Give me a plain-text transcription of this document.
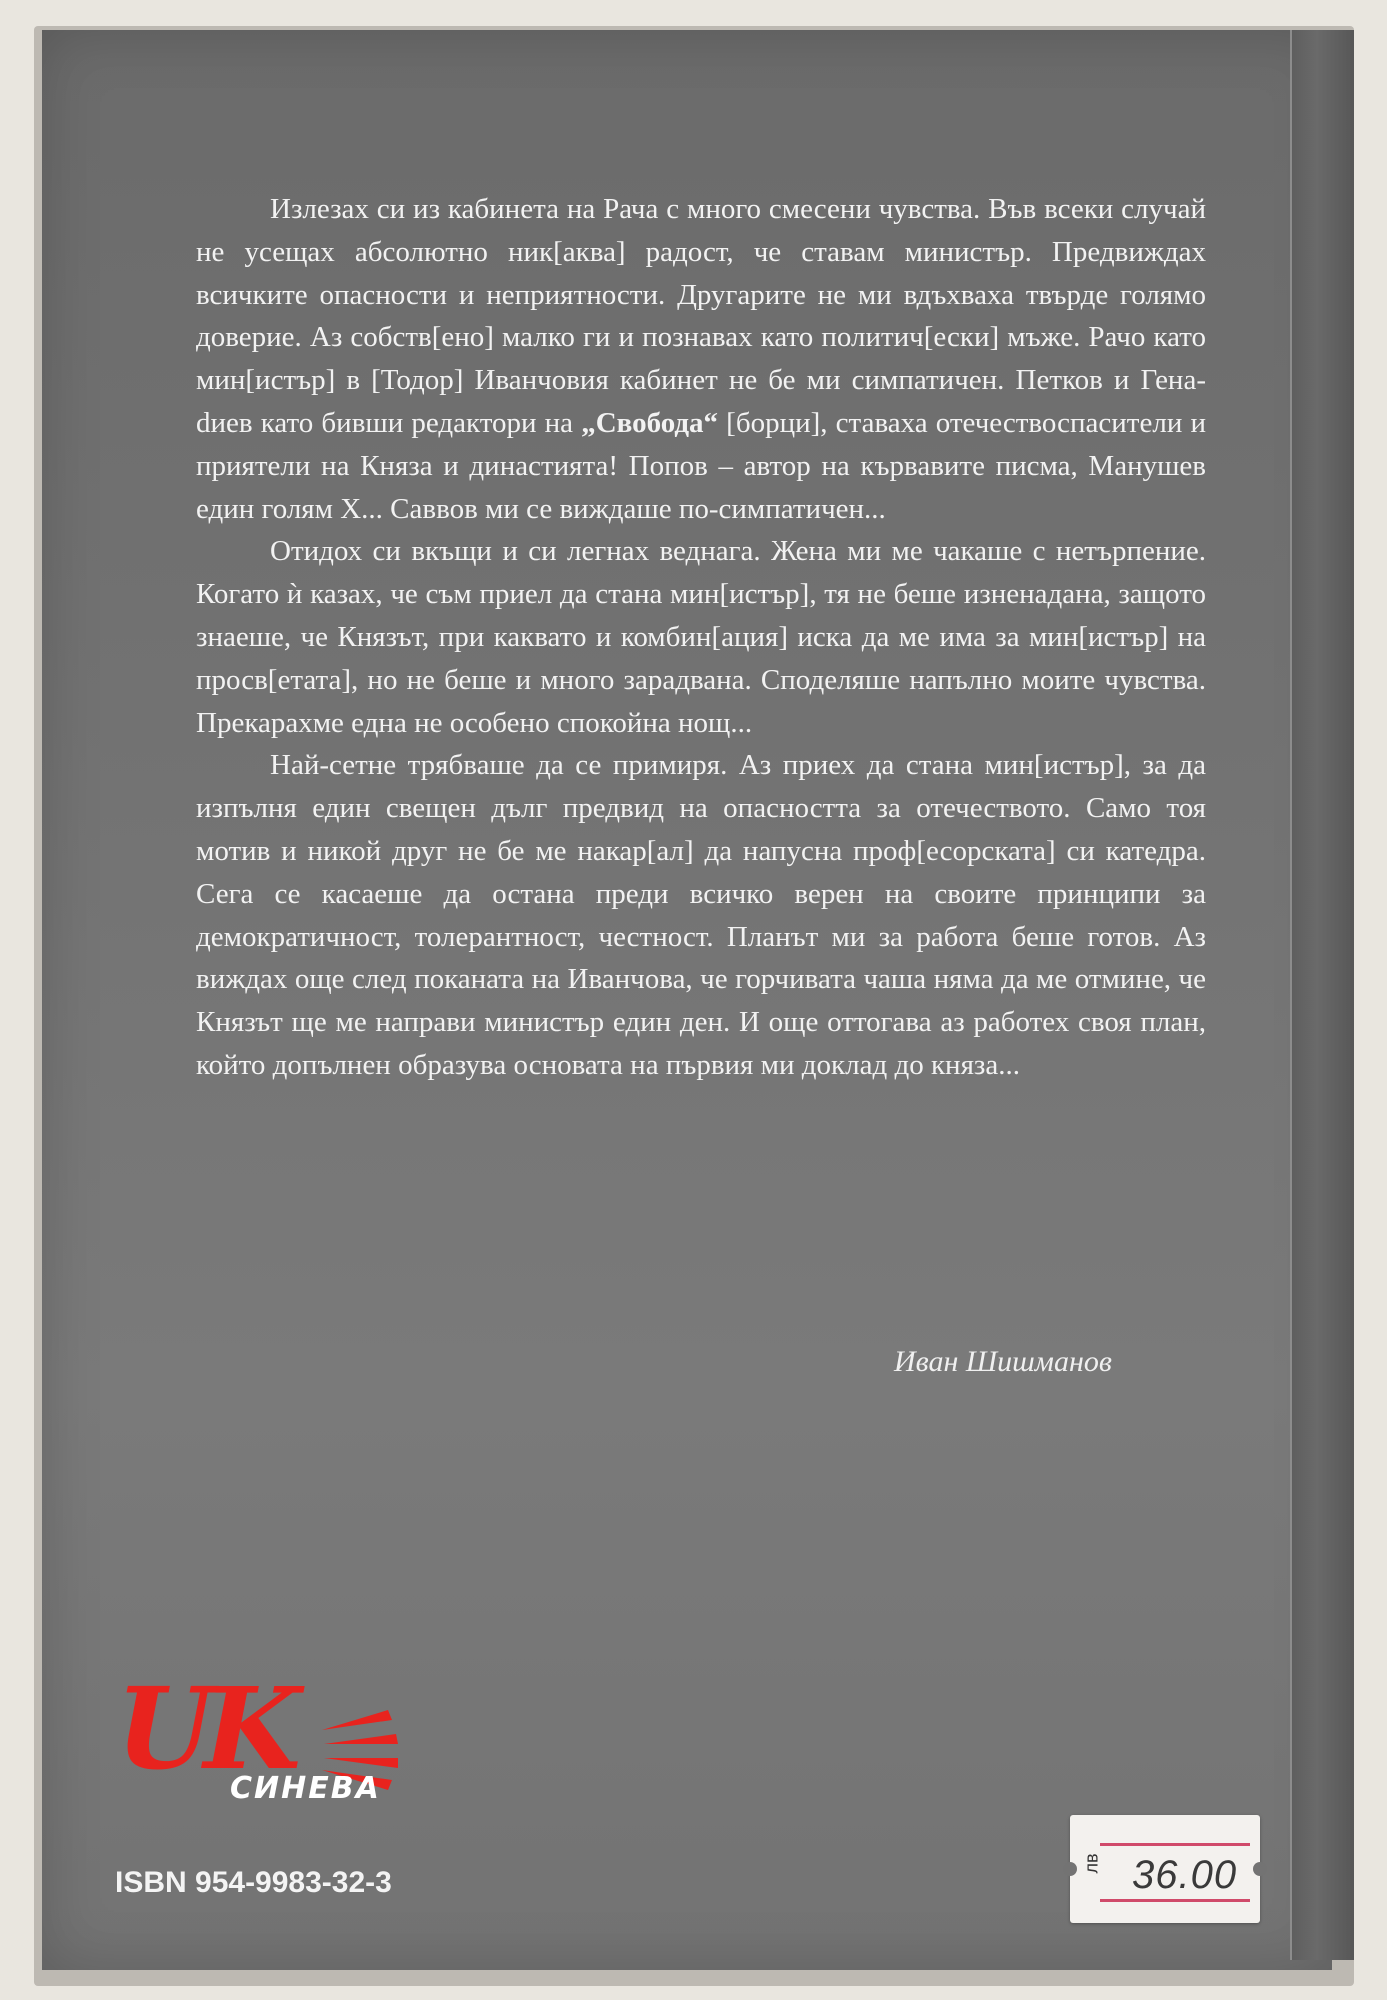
Излезах си из кабинета на Рача с много смесени чувства. Във всеки случай не усещах абсолютно ник[аква] радост, че ставам министър. Предвиждах всичките опасности и неприятности. Другарите не ми вдъхваха твърде голямо доверие. Аз собств[ено] малко ги и познавах като политич[ески] мъже. Рачо като мин[истър] в [Тодор] Иванчовия кабинет не бе ми симпатичен. Петков и Генаdиев като бивши редактори на „Свобода“ [борци], ставаха отечествоспасители и приятели на Княза и династията! Попов – автор на кървавите писма, Манушев един голям Х... Саввов ми се виждаше по-симпатичен...

Отидох си вкъщи и си легнах веднага. Жена ми ме чакаше с нетърпение. Когато ѝ казах, че съм приел да стана мин[истър], тя не беше изненадана, защото знаеше, че Князът, при каквато и комбин[ация] иска да ме има за мин[истър] на просв[етата], но не беше и много зарадвана. Споделяше напълно моите чувства. Прекарахме една не особено спокойна нощ...

Най-сетне трябваше да се примиря. Аз приех да стана мин[истър], за да изпълня един свещен дълг предвид на опасността за отечеството. Само тоя мотив и никой друг не бе ме накар[ал] да напусна проф[есорската] си катедра. Сега се касаеше да остана преди всичко верен на своите принципи за демократичност, толерантност, честност. Планът ми за работа беше готов. Аз виждах още след поканата на Иванчова, че горчивата чаша няма да ме отмине, че Князът ще ме направи министър един ден. И още оттогава аз работех своя план, който допълнен образува основата на първия ми доклад до княза...

Иван Шишманов
UK
СИНЕВА
ISBN 954-9983-32-3
лв 36.00
